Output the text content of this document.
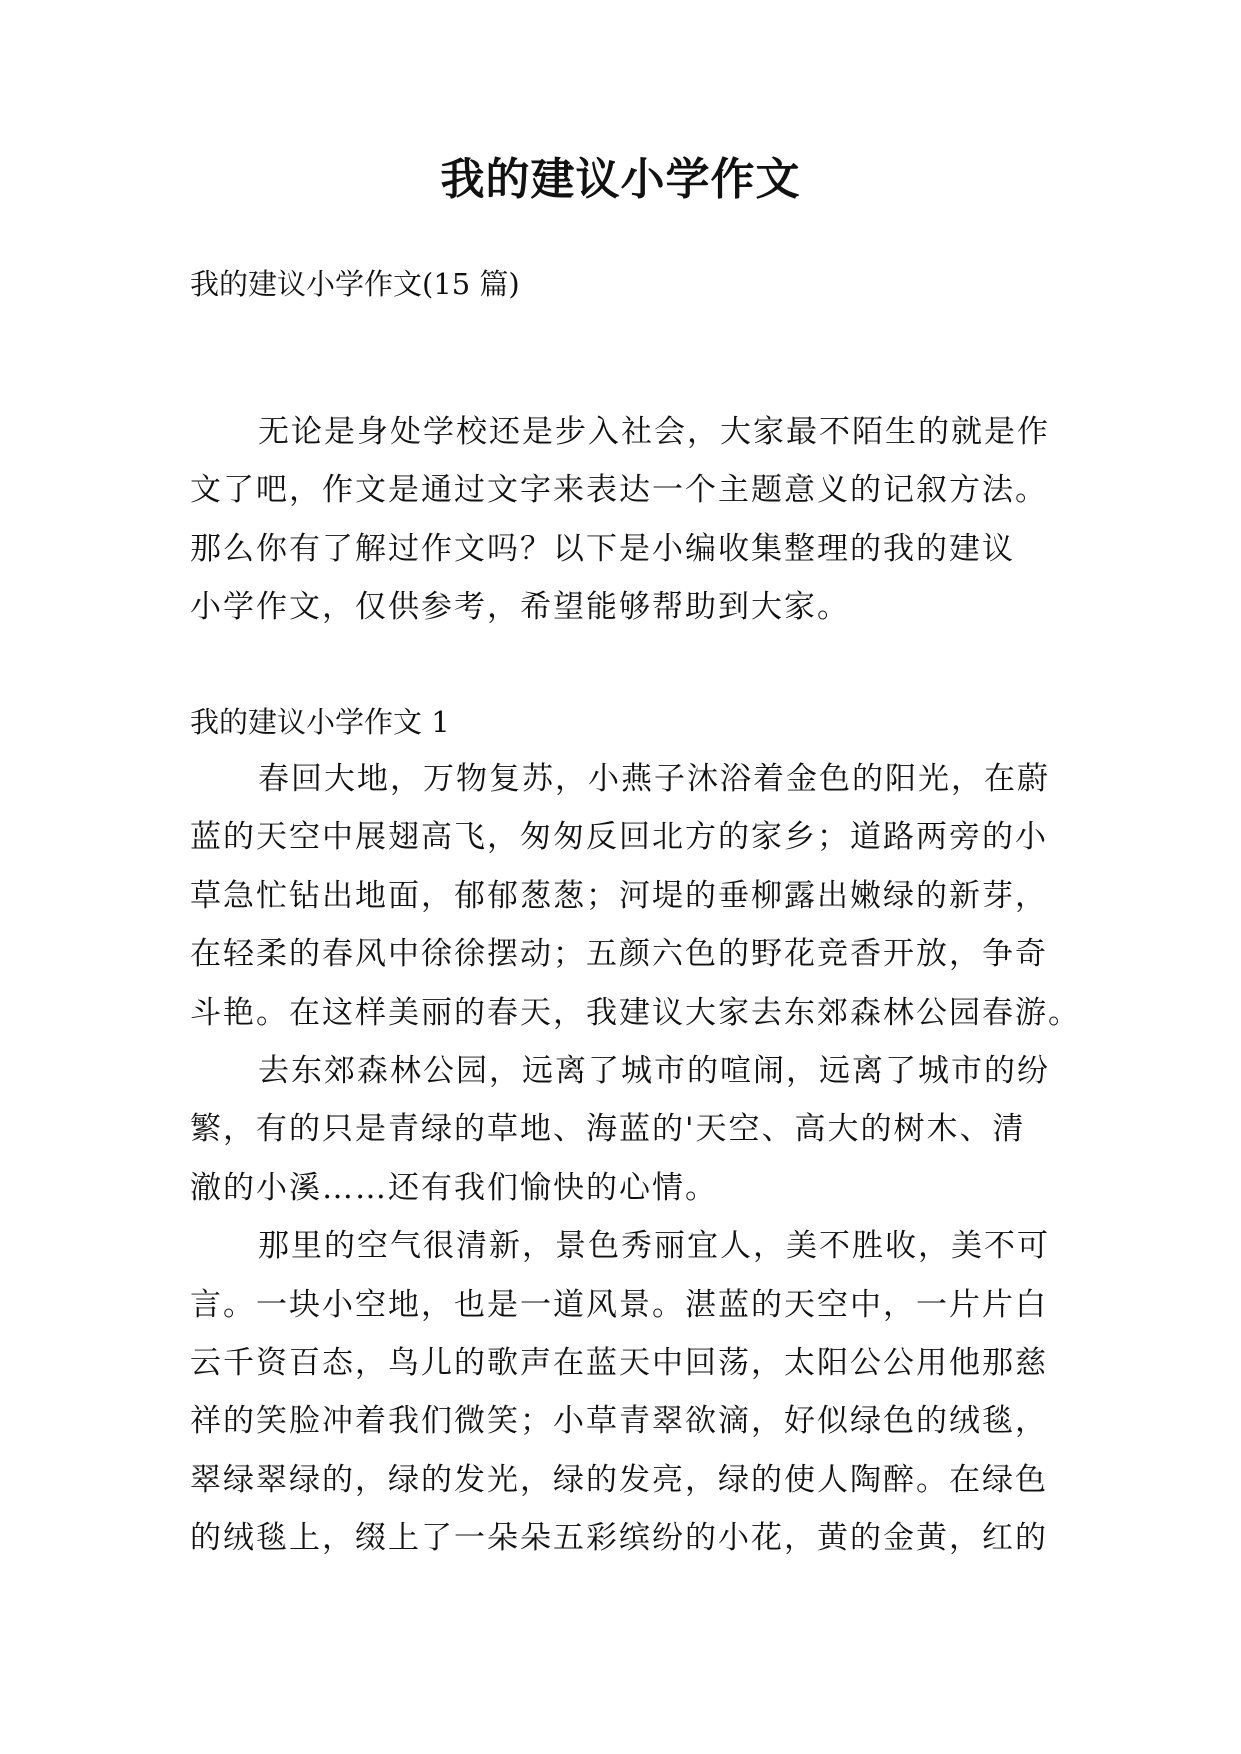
我的建议小学作文
我的建议小学作文(15 篇)
无论是身处学校还是步入社会，大家最不陌生的就是作
文了吧，作文是通过文字来表达一个主题意义的记叙方法。
那么你有了解过作文吗？以下是小编收集整理的我的建议
小学作文，仅供参考，希望能够帮助到大家。
我的建议小学作文 1
春回大地，万物复苏，小燕子沐浴着金色的阳光，在蔚
蓝的天空中展翅高飞，匆匆反回北方的家乡；道路两旁的小
草急忙钻出地面，郁郁葱葱；河堤的垂柳露出嫩绿的新芽，
在轻柔的春风中徐徐摆动；五颜六色的野花竞香开放，争奇
斗艳。在这样美丽的春天，我建议大家去东郊森林公园春游。
去东郊森林公园，远离了城市的喧闹，远离了城市的纷
繁，有的只是青绿的草地、海蓝的'天空、高大的树木、清
澈的小溪……还有我们愉快的心情。
那里的空气很清新，景色秀丽宜人，美不胜收，美不可
言。一块小空地，也是一道风景。湛蓝的天空中，一片片白
云千资百态，鸟儿的歌声在蓝天中回荡，太阳公公用他那慈
祥的笑脸冲着我们微笑；小草青翠欲滴，好似绿色的绒毯，
翠绿翠绿的，绿的发光，绿的发亮，绿的使人陶醉。在绿色
的绒毯上，缀上了一朵朵五彩缤纷的小花，黄的金黄，红的
